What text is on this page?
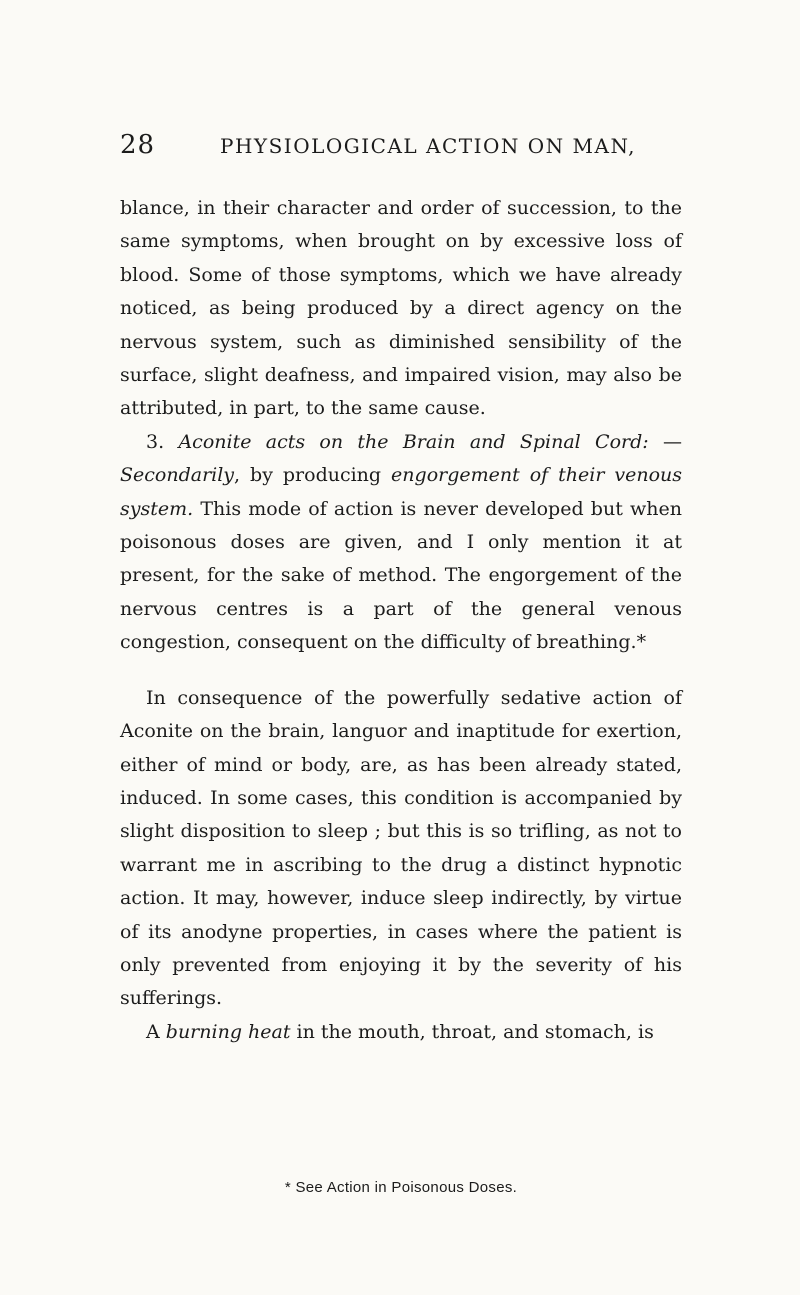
28	PHYSIOLOGICAL ACTION ON MAN,

blance, in their character and order of succession, to the same symptoms, when brought on by excessive loss of blood. Some of those symptoms, which we have already noticed, as being produced by a direct agency on the nervous system, such as diminished sensibility of the surface, slight deafness, and impaired vision, may also be attributed, in part, to the same cause.

3. Aconite acts on the Brain and Spinal Cord: —Secondarily, by producing engorgement of their venous system. This mode of action is never developed but when poisonous doses are given, and I only mention it at present, for the sake of method. The engorgement of the nervous centres is a part of the general venous congestion, consequent on the difficulty of breathing.*

In consequence of the powerfully sedative action of Aconite on the brain, languor and inaptitude for exertion, either of mind or body, are, as has been already stated, induced. In some cases, this condition is accompanied by slight disposition to sleep ; but this is so trifling, as not to warrant me in ascribing to the drug a distinct hypnotic action. It may, however, induce sleep indirectly, by virtue of its anodyne properties, in cases where the patient is only prevented from enjoying it by the severity of his sufferings.

A burning heat in the mouth, throat, and stomach, is

* See Action in Poisonous Doses.
